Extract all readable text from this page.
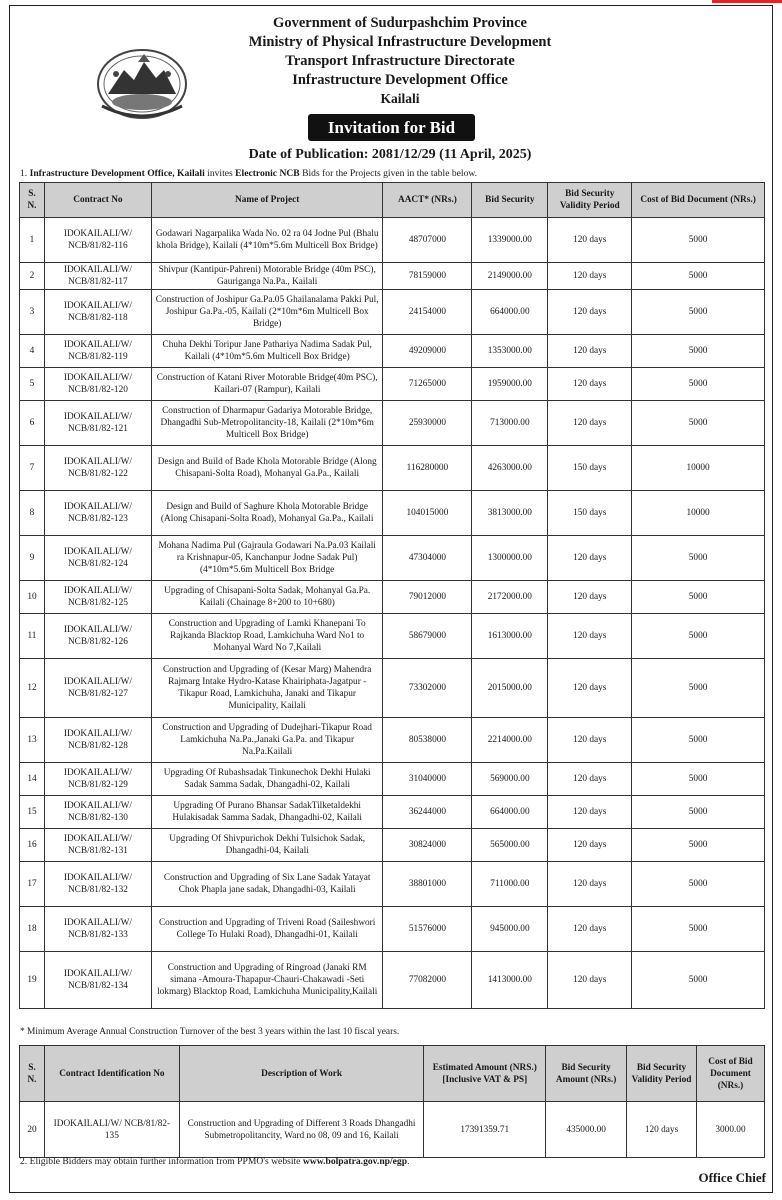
Government of Sudurpashchim Province
Ministry of Physical Infrastructure Development
Transport Infrastructure Directorate
Infrastructure Development Office
Kailali
Invitation for Bid
Date of Publication: 2081/12/29 (11 April, 2025)
1. Infrastructure Development Office, Kailali invites Electronic NCB Bids for the Projects given in the table below.
S. N.	Contract No	Name of Project	AACT* (NRs.)	Bid Security	Bid Security Validity Period	Cost of Bid Document (NRs.)
1	IDOKAILALI/W/ NCB/81/82-116	Godawari Nagarpalika Wada No. 02 ra 04 Jodne Pul (Bhalu khola Bridge), Kailali (4*10m*5.6m Multicell Box Bridge)	48707000	1339000.00	120 days	5000
2	IDOKAILALI/W/ NCB/81/82-117	Shivpur (Kantipur-Pahreni) Motorable Bridge (40m PSC), Gauriganga Na.Pa., Kailali	78159000	2149000.00	120 days	5000
3	IDOKAILALI/W/ NCB/81/82-118	Construction of Joshipur Ga.Pa.05 Ghailanalama Pakki Pul, Joshipur Ga.Pa.-05, Kailali (2*10m*6m Multicell Box Bridge)	24154000	664000.00	120 days	5000
4	IDOKAILALI/W/ NCB/81/82-119	Chuha Dekhi Toripur Jane Pathariya Nadima Sadak Pul, Kailali (4*10m*5.6m Multicell Box Bridge)	49209000	1353000.00	120 days	5000
5	IDOKAILALI/W/ NCB/81/82-120	Construction of Katani River Motorable Bridge(40m PSC), Kailari-07 (Rampur), Kailali	71265000	1959000.00	120 days	5000
6	IDOKAILALI/W/ NCB/81/82-121	Construction of Dharmapur Gadariya Motorable Bridge, Dhangadhi Sub-Metropolitancity-18, Kailali (2*10m*6m Multicell Box Bridge)	25930000	713000.00	120 days	5000
7	IDOKAILALI/W/ NCB/81/82-122	Design and Build of Bade Khola Motorable Bridge (Along Chisapani-Solta Road), Mohanyal Ga.Pa., Kailali	116280000	4263000.00	150 days	10000
8	IDOKAILALI/W/ NCB/81/82-123	Design and Build of Saghure Khola Motorable Bridge (Along Chisapani-Solta Road), Mohanyal Ga.Pa., Kailali	104015000	3813000.00	150 days	10000
9	IDOKAILALI/W/ NCB/81/82-124	Mohana Nadima Pul (Gajraula Godawari Na.Pa.03 Kailali ra Krishnapur-05, Kanchanpur Jodne Sadak Pul) (4*10m*5.6m Multicell Box Bridge	47304000	1300000.00	120 days	5000
10	IDOKAILALI/W/ NCB/81/82-125	Upgrading of Chisapani-Solta Sadak, Mohanyal Ga.Pa. Kailali (Chainage 8+200 to 10+680)	79012000	2172000.00	120 days	5000
11	IDOKAILALI/W/ NCB/81/82-126	Construction and Upgrading of Lamki Khanepani To Rajkanda Blacktop Road, Lamkichuha Ward No1 to Mohanyal Ward No 7,Kailali	58679000	1613000.00	120 days	5000
12	IDOKAILALI/W/ NCB/81/82-127	Construction and Upgrading of (Kesar Marg) Mahendra Rajmarg Intake Hydro-Katase Khairiphata-Jagatpur -Tikapur Road, Lamkichuha, Janaki and Tikapur Municipality, Kailali	73302000	2015000.00	120 days	5000
13	IDOKAILALI/W/ NCB/81/82-128	Construction and Upgrading of Dudejhari-Tikapur Road Lamkichuha Na.Pa.,Janaki Ga.Pa. and Tikapur Na.Pa.Kailali	80538000	2214000.00	120 days	5000
14	IDOKAILALI/W/ NCB/81/82-129	Upgrading Of Rubashsadak Tinkunechok Dekhi Hulaki Sadak Samma Sadak, Dhangadhi-02, Kailali	31040000	569000.00	120 days	5000
15	IDOKAILALI/W/ NCB/81/82-130	Upgrading Of Purano Bhansar SadakTilketaldekhi Hulakisadak Samma Sadak, Dhangadhi-02, Kailali	36244000	664000.00	120 days	5000
16	IDOKAILALI/W/ NCB/81/82-131	Upgrading Of Shivpurichok Dekhi Tulsichok Sadak, Dhangadhi-04, Kailali	30824000	565000.00	120 days	5000
17	IDOKAILALI/W/ NCB/81/82-132	Construction and Upgrading of Six Lane Sadak Yatayat Chok Phapla jane sadak, Dhangadhi-03, Kailali	38801000	711000.00	120 days	5000
18	IDOKAILALI/W/ NCB/81/82-133	Construction and Upgrading of Triveni Road (Saileshwori College To Hulaki Road), Dhangadhi-01, Kailali	51576000	945000.00	120 days	5000
19	IDOKAILALI/W/ NCB/81/82-134	Construction and Upgrading of Ringroad (Janaki RM simana -Amoura-Thapapur-Chauri-Chakawadi -Seti lokmarg) Blacktop Road, Lamkichuha Municipality,Kailali	77082000	1413000.00	120 days	5000
* Minimum Average Annual Construction Turnover of the best 3 years within the last 10 fiscal years.
S. N.	Contract Identification No	Description of Work	Estimated Amount (NRS.) [Inclusive VAT & PS]	Bid Security Amount (NRs.)	Bid Security Validity Period	Cost of Bid Document (NRs.)
20	IDOKAILALI/W/ NCB/81/82-135	Construction and Upgrading of Different 3 Roads Dhangadhi Submetropolitancity, Ward no 08, 09 and 16, Kailali	17391359.71	435000.00	120 days	3000.00
2. Eligible Bidders may obtain further information from PPMO's website www.bolpatra.gov.np/egp.
Office Chief
